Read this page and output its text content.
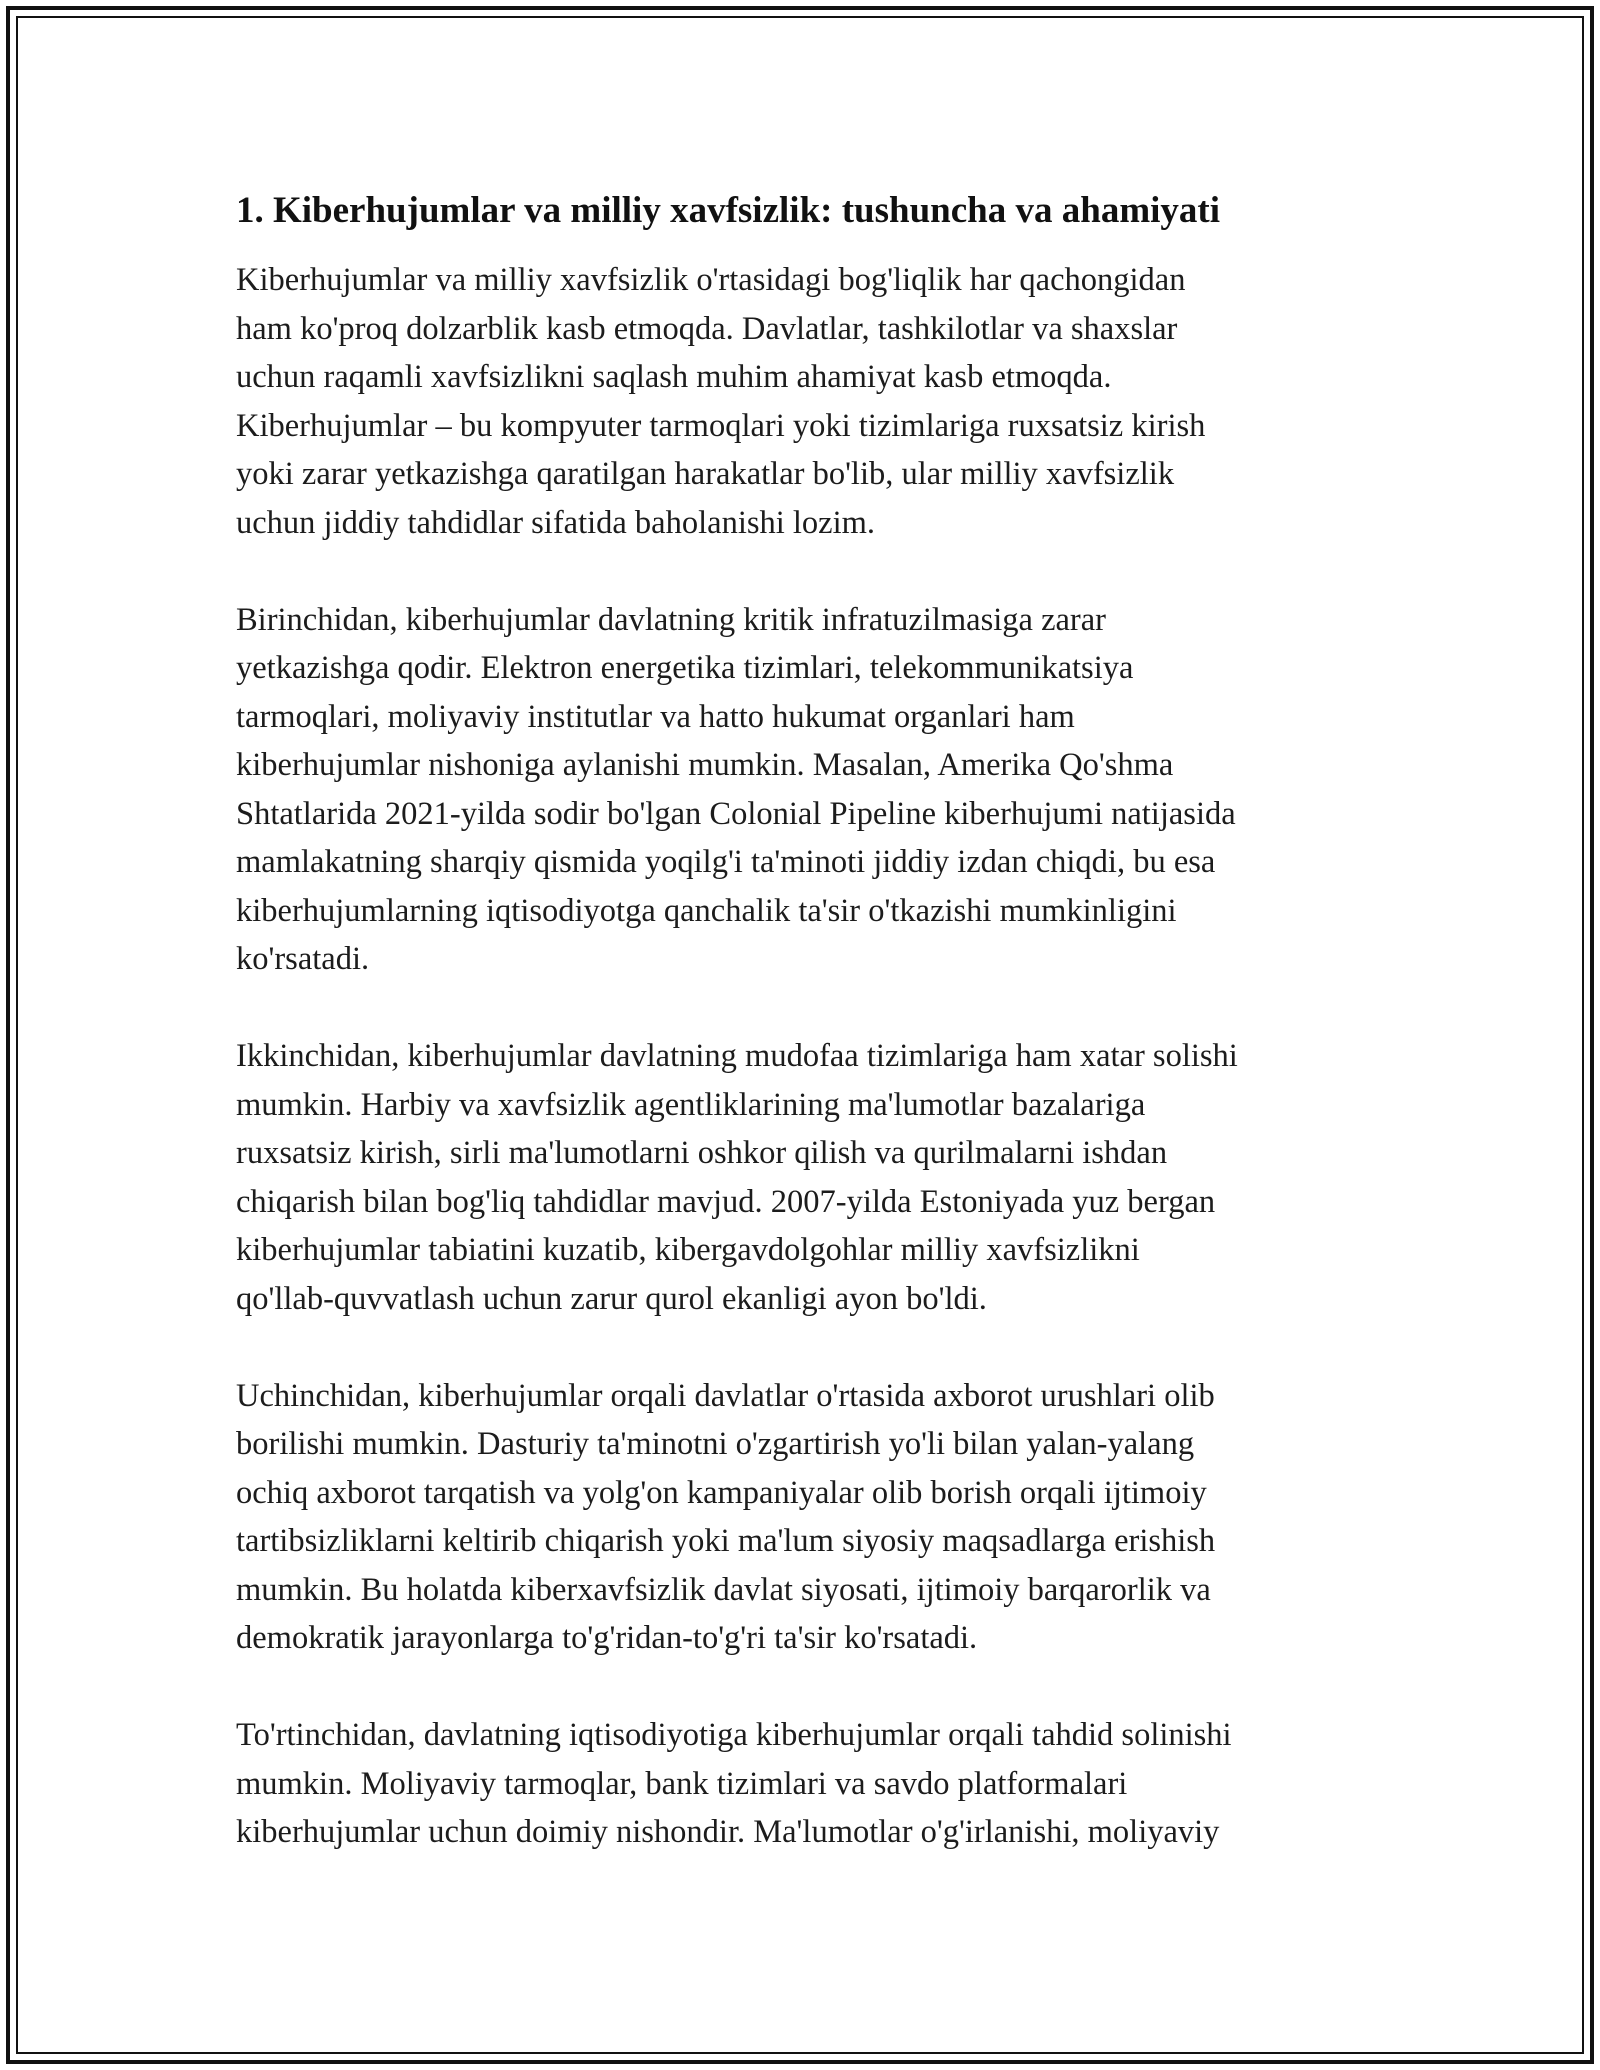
1. Kiberhujumlar va milliy xavfsizlik: tushuncha va ahamiyati

Kiberhujumlar va milliy xavfsizlik o'rtasidagi bog'liqlik har qachongidan
ham ko'proq dolzarblik kasb etmoqda. Davlatlar, tashkilotlar va shaxslar
uchun raqamli xavfsizlikni saqlash muhim ahamiyat kasb etmoqda.
Kiberhujumlar – bu kompyuter tarmoqlari yoki tizimlariga ruxsatsiz kirish
yoki zarar yetkazishga qaratilgan harakatlar bo'lib, ular milliy xavfsizlik
uchun jiddiy tahdidlar sifatida baholanishi lozim.

Birinchidan, kiberhujumlar davlatning kritik infratuzilmasiga zarar
yetkazishga qodir. Elektron energetika tizimlari, telekommunikatsiya
tarmoqlari, moliyaviy institutlar va hatto hukumat organlari ham
kiberhujumlar nishoniga aylanishi mumkin. Masalan, Amerika Qo'shma
Shtatlarida 2021-yilda sodir bo'lgan Colonial Pipeline kiberhujumi natijasida
mamlakatning sharqiy qismida yoqilg'i ta'minoti jiddiy izdan chiqdi, bu esa
kiberhujumlarning iqtisodiyotga qanchalik ta'sir o'tkazishi mumkinligini
ko'rsatadi.

Ikkinchidan, kiberhujumlar davlatning mudofaa tizimlariga ham xatar solishi
mumkin. Harbiy va xavfsizlik agentliklarining ma'lumotlar bazalariga
ruxsatsiz kirish, sirli ma'lumotlarni oshkor qilish va qurilmalarni ishdan
chiqarish bilan bog'liq tahdidlar mavjud. 2007-yilda Estoniyada yuz bergan
kiberhujumlar tabiatini kuzatib, kibergavdolgohlar milliy xavfsizlikni
qo'llab-quvvatlash uchun zarur qurol ekanligi ayon bo'ldi.

Uchinchidan, kiberhujumlar orqali davlatlar o'rtasida axborot urushlari olib
borilishi mumkin. Dasturiy ta'minotni o'zgartirish yo'li bilan yalan-yalang
ochiq axborot tarqatish va yolg'on kampaniyalar olib borish orqali ijtimoiy
tartibsizliklarni keltirib chiqarish yoki ma'lum siyosiy maqsadlarga erishish
mumkin. Bu holatda kiberxavfsizlik davlat siyosati, ijtimoiy barqarorlik va
demokratik jarayonlarga to'g'ridan-to'g'ri ta'sir ko'rsatadi.

To'rtinchidan, davlatning iqtisodiyotiga kiberhujumlar orqali tahdid solinishi
mumkin. Moliyaviy tarmoqlar, bank tizimlari va savdo platformalari
kiberhujumlar uchun doimiy nishondir. Ma'lumotlar o'g'irlanishi, moliyaviy
